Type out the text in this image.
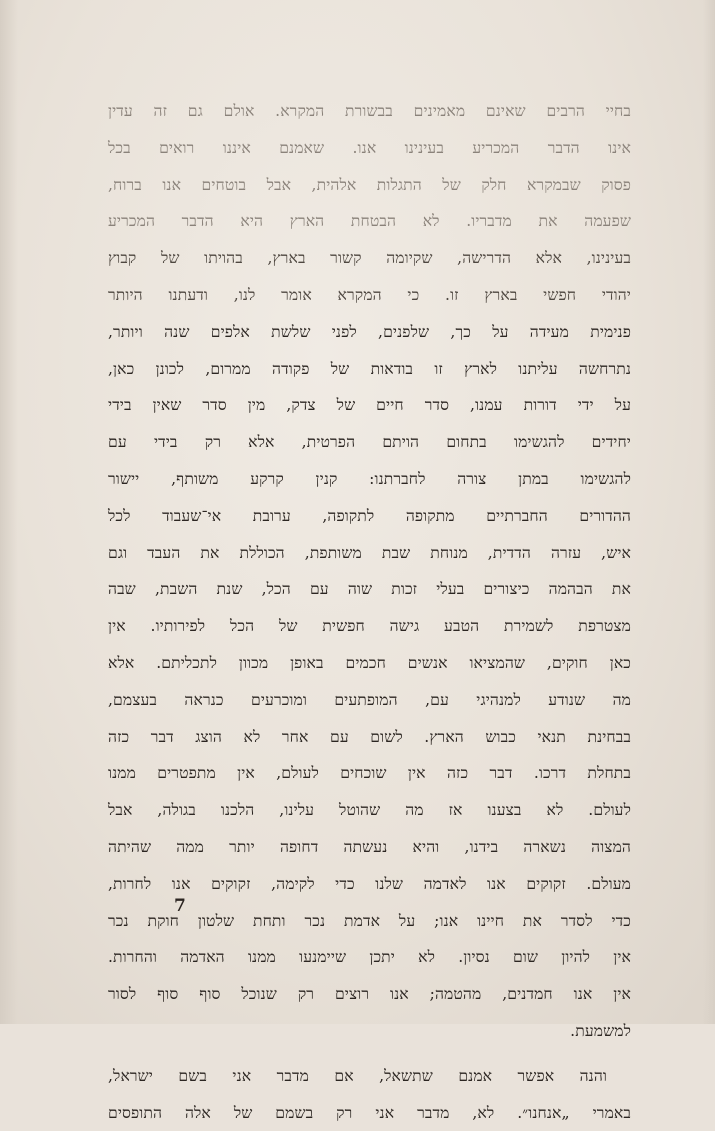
בחיי הרבים שאינם מאמינים בבשורת המקרא. אולם גם זה עדין
אינו הדבר המכריע בעינינו אנו. שאמנם איננו רואים בכל
פסוק שבמקרא חלק של התגלות אלהית, אבל בוטחים אנו ברוח,
שפעמה את מדבריו. לא הבטחת הארץ היא הדבר המכריע
בעינינו, אלא הדרישה, שקיומה קשור בארץ, בהויתו של קבוץ
יהודי חפשי בארץ זו. כי המקרא אומר לנו, ודעתנו היותר
פנימית מעידה על כך, שלפנים, לפני שלשת אלפים שנה ויותר,
נתרחשה עליתנו לארץ זו בודאות של פקודה ממרום, לכונן כאן,
על ידי דורות עמנו, סדר חיים של צדק, מין סדר שאין בידי
יחידים להגשימו בתחום הויתם הפרטית, אלא רק בידי עם
להגשימו במתן צורה לחברתנו: קנין קרקע משותף, יישור
ההדורים החברתיים מתקופה לתקופה, ערובת אי־שעבוד לכל
איש, עזרה הדדית, מנוחת שבת משותפת, הכוללת את העבד וגם
את הבהמה כיצורים בעלי זכות שוה עם הכל, שנת השבת, שבה
מצטרפת לשמירת הטבע גישה חפשית של הכל לפירותיו. אין
כאן חוקים, שהמציאו אנשים חכמים באופן מכוון לתכליתם. אלא
מה שנודע למנהיגי עם, המופתעים ומוכרעים כנראה בעצמם,
בבחינת תנאי כבוש הארץ. לשום עם אחר לא הוצג דבר כזה
בתחלת דרכו. דבר כזה אין שוכחים לעולם, אין מתפטרים ממנו
לעולם. לא בצענו אז מה שהוטל עלינו, הלכנו בגולה, אבל
המצוה נשארה בידנו, והיא נעשתה דחופה יותר ממה שהיתה
מעולם. זקוקים אנו לאדמה שלנו כדי לקימה, זקוקים אנו לחרות,
כדי לסדר את חיינו אנו; על אדמת נכר ותחת שלטון חוקת נכר
אין להיון שום נסיון. לא יתכן שיימנעו ממנו האדמה והחרות.
אין אנו חמדנים, מהטמה; אנו רוצים רק שנוכל סוף סוף לסור
למשמעת.
והנה אפשר אמנם שתשאל, אם מדבר אני בשם ישראל,
באמרי „אנחנו״. לא, מדבר אני רק בשמם של אלה התופסים
7
